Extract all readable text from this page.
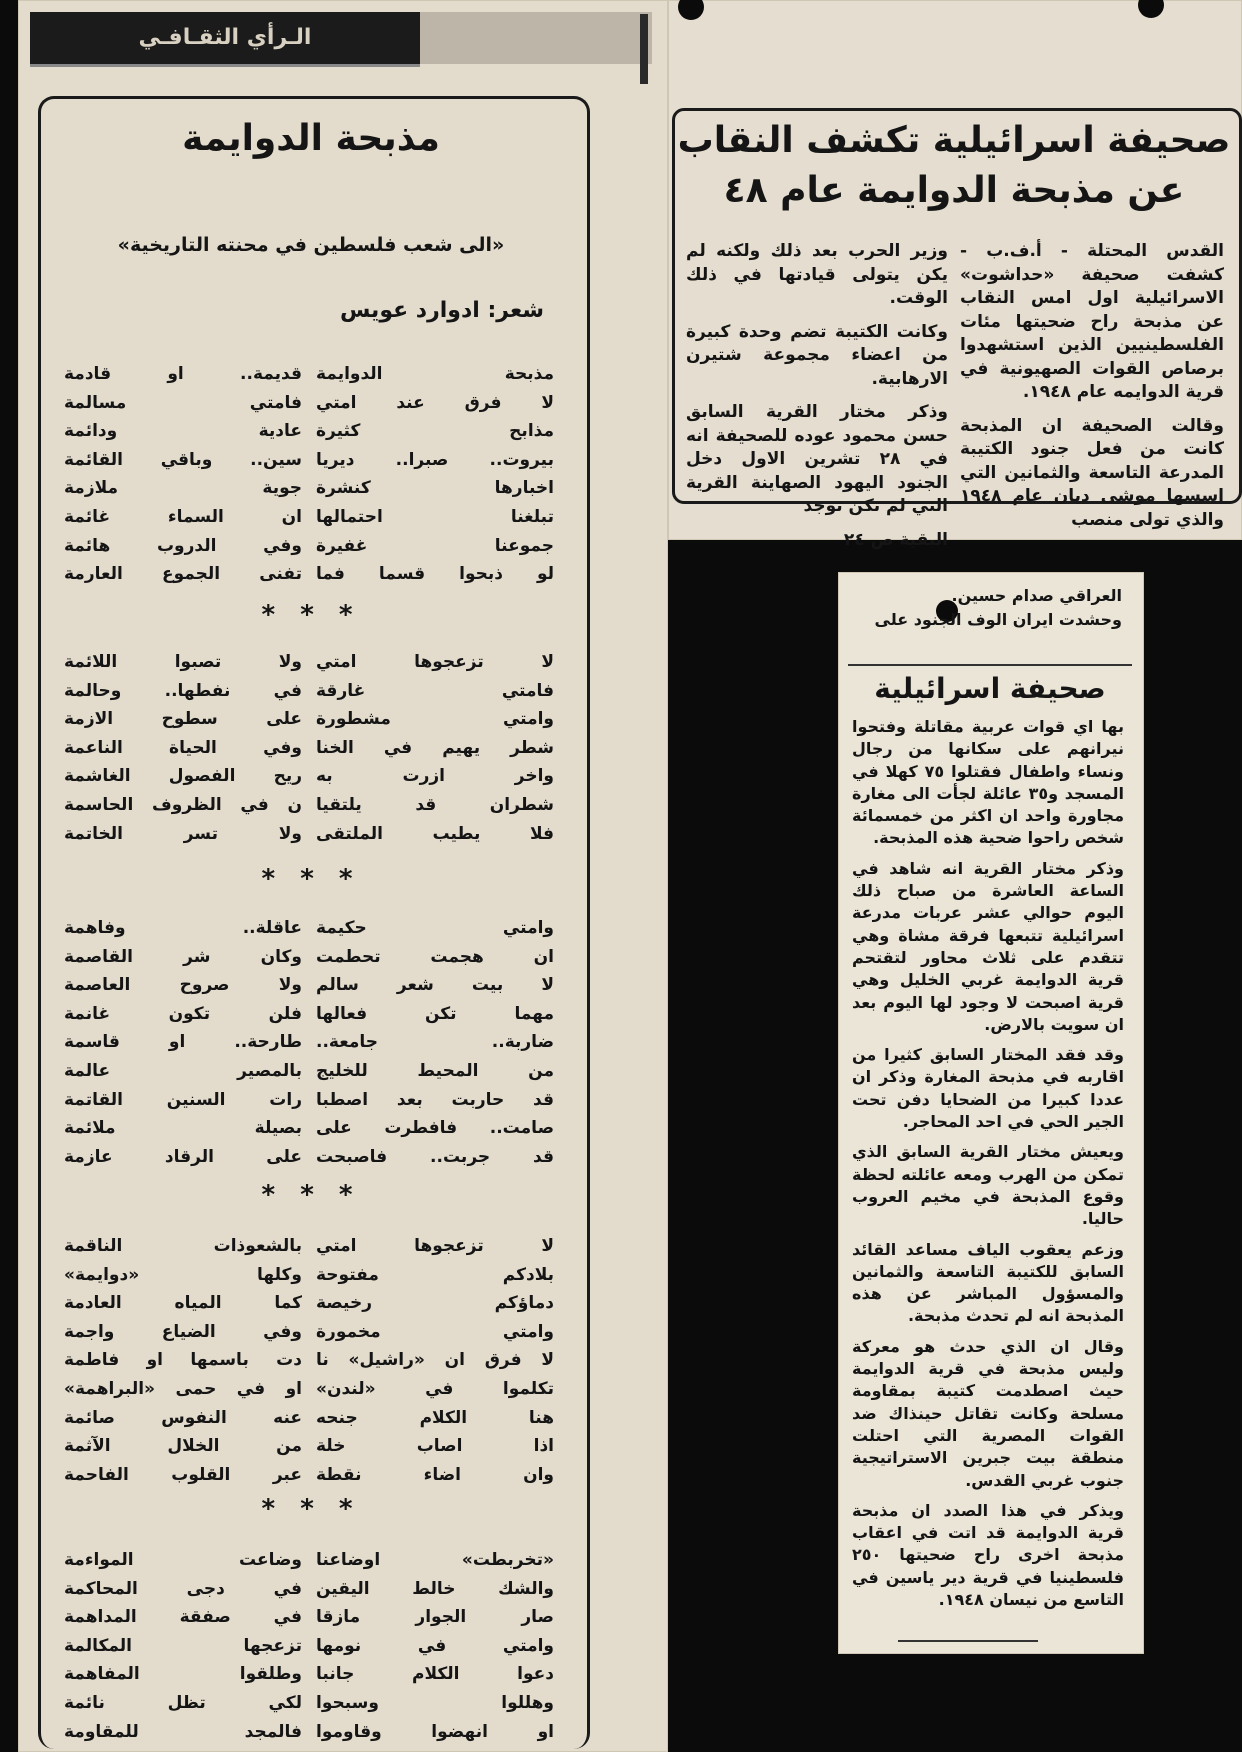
الـرأي الثقـافـي
مذبحة الدوايمة
«الى شعب فلسطين في محنته التاريخية»
شعر: ادوارد عويس
مذبحة الدوايمة
قديمة.. او قادمة
لا فرق عند امتي
فامتي مسالمة
مذابح كثيرة
عادية ودائمة
بيروت.. صبرا.. ديريا
سين.. وباقي القائمة
اخبارها كنشرة
جوية ملازمة
تبلغنا احتمالها
ان السماء غائمة
جموعنا غفيرة
وفي الدروب هائمة
لو ذبحوا قسما فما
تفنى الجموع العارمة
لا تزعجوها امتي
ولا تصبوا اللائمة
فامتي غارقة
في نفطها.. وحالمة
وامتي مشطورة
على سطوح الازمة
شطر يهيم في الخنا
وفي الحياة الناعمة
واخر ازرت به
ريح الفصول الغاشمة
شطران قد يلتقيا
ن في الظروف الحاسمة
فلا يطيب الملتقى
ولا تسر الخاتمة
وامتي حكيمة
عاقلة.. وفاهمة
ان هجمت تحطمت
وكان شر القاصمة
لا بيت شعر سالم
ولا صروح العاصمة
مهما تكن فعالها
فلن تكون غانمة
ضاربة.. جامعة..
طارحة.. او قاسمة
من المحيط للخليج
بالمصير عالمة
قد حاربت بعد اصطبا
رات السنين القاتمة
صامت.. فافطرت على
بصيلة ملائمة
قد جربت.. فاصبحت
على الرقاد عازمة
لا تزعجوها امتي
بالشعوذات الناقمة
بلادكم مفتوحة
وكلها «دوايمة»
دماؤكم رخيصة
كما المياه العادمة
وامتي مخمورة
وفي الضياع واجمة
لا فرق ان «راشيل» نا
دت باسمها او فاطمة
تكلموا في «لندن»
او في حمى «البراهمة»
هنا الكلام جنحه
عنه النفوس صائمة
اذا اصاب خلة
من الخلال الآثمة
وان اضاء نقطة
عبر القلوب الفاحمة
«تخربطت» اوضاعنا
وضاعت المواءمة
والشك خالط اليقين
في دجى المحاكمة
صار الجوار مازقا
في صفقة المداهمة
وامتي في نومها
تزعجها المكالمة
دعوا الكلام جانبا
وطلقوا المفاهمة
وهللوا وسبحوا
لكي تظل نائمة
او انهضوا وقاوموا
فالمجد للمقاومة
* * *
* * *
* * *
* * *
صحيفة اسرائيلية تكشف النقاب
عن مذبحة الدوايمة عام ٤٨

القدس المحتلة - أ.ف.ب - كشفت صحيفة «حداشوت» الاسرائيلية اول امس النقاب عن مذبحة راح ضحيتها مئات الفلسطينيين الذين استشهدوا برصاص القوات الصهيونية في قرية الدوايمه عام ١٩٤٨.

وقالت الصحيفة ان المذبحة كانت من فعل جنود الكتيبة المدرعة التاسعة والثمانين التي اسسها موشى ديان عام ١٩٤٨ والذي تولى منصب

وزير الحرب بعد ذلك ولكنه لم يكن يتولى قيادتها في ذلك الوقت.

وكانت الكتيبة تضم وحدة كبيرة من اعضاء مجموعة شتيرن الارهابية.

وذكر مختار القرية السابق حسن محمود عوده للصحيفة انه في ٢٨ تشرين الاول دخل الجنود اليهود الصهاينة القرية التي لم تكن توجد

البقية ص ٢٤

العراقي صدام حسين.
وحشدت ايران الوف الجنود على
صحيفة اسرائيلية

بها اي قوات عربية مقاتلة وفتحوا نيرانهم على سكانها من رجال ونساء واطفال فقتلوا ٧٥ كهلا في المسجد و٣٥ عائلة لجأت الى مغارة مجاورة واحد ان اكثر من خمسمائة شخص راحوا ضحية هذه المذبحة.

وذكر مختار القرية انه شاهد في الساعة العاشرة من صباح ذلك اليوم حوالي عشر عربات مدرعة اسرائيلية تتبعها فرقة مشاة وهي تتقدم على ثلاث محاور لتقتحم قرية الدوايمة غربي الخليل وهي قرية اصبحت لا وجود لها اليوم بعد ان سويت بالارض.

وقد فقد المختار السابق كثيرا من اقاربه في مذبحة المغارة وذكر ان عددا كبيرا من الضحايا دفن تحت الجير الحي في احد المحاجر.

ويعيش مختار القرية السابق الذي تمكن من الهرب ومعه عائلته لحظة وقوع المذبحة في مخيم العروب حاليا.

وزعم يعقوب الياف مساعد القائد السابق للكتيبة التاسعة والثمانين والمسؤول المباشر عن هذه المذبحة انه لم تحدث مذبحة.

وقال ان الذي حدث هو معركة وليس مذبحة في قرية الدوايمة حيث اصطدمت كتيبة بمقاومة مسلحة وكانت تقاتل حينذاك ضد القوات المصرية التي احتلت منطقة بيت جبرين الاستراتيجية جنوب غربي القدس.

ويذكر في هذا الصدد ان مذبحة قرية الدوايمة قد اتت في اعقاب مذبحة اخرى راح ضحيتها ٢٥٠ فلسطينيا في قرية دير ياسين في التاسع من نيسان ١٩٤٨.
